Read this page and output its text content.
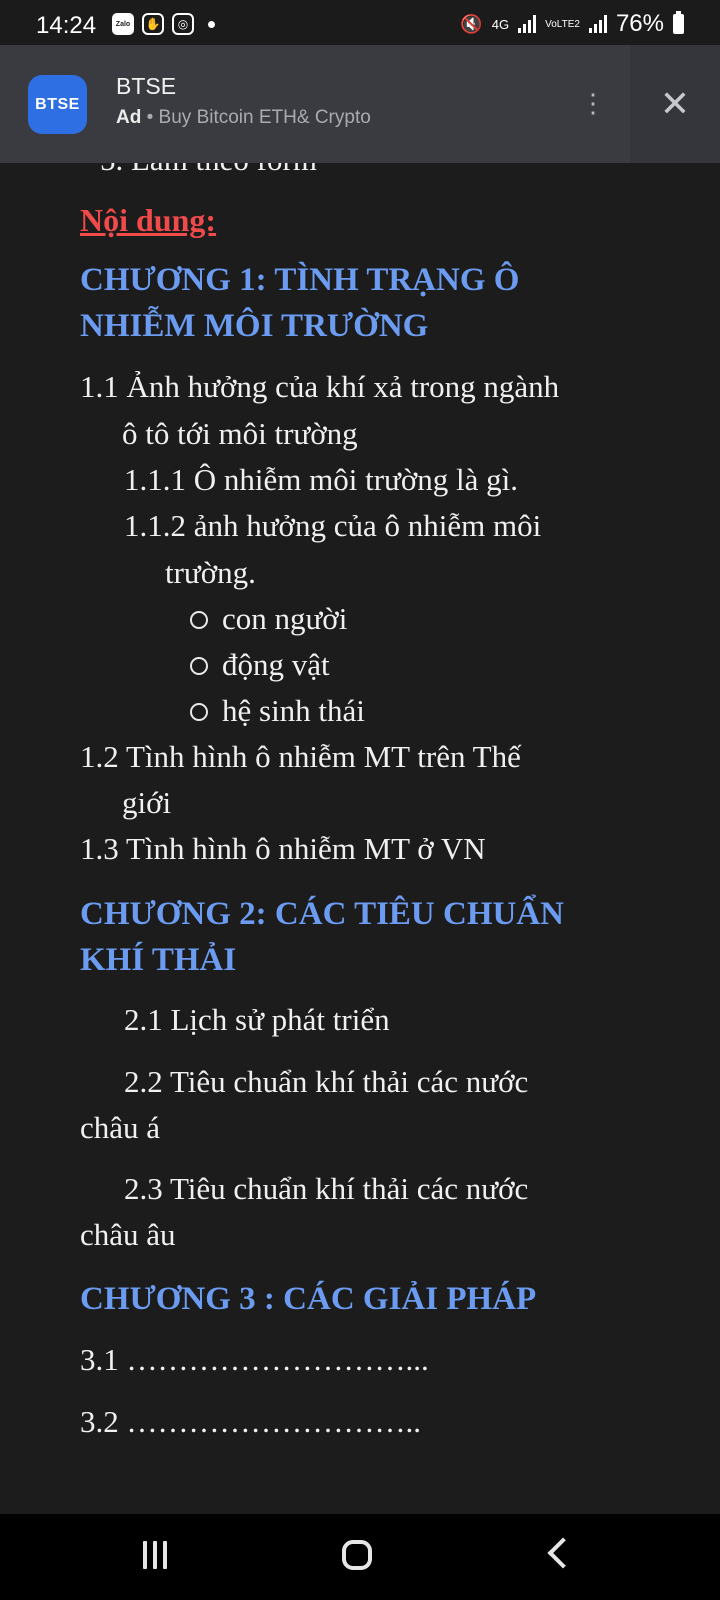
Nội dung:
CHƯƠNG 1: TÌNH TRẠNG Ô
NHIỄM MÔI TRƯỜNG
1.1 Ảnh hưởng của khí xả trong ngành
ô tô tới môi trường
1.1.1 Ô nhiễm môi trường là gì.
1.1.2 ảnh hưởng của ô nhiễm môi
trường.
con người
động vật
hệ sinh thái
1.2 Tình hình ô nhiễm MT trên Thế
giới
1.3 Tình hình ô nhiễm MT ở VN
CHƯƠNG 2: CÁC TIÊU CHUẨN
KHÍ THẢI
2.1 Lịch sử phát triển
2.2 Tiêu chuẩn khí thải các nước
châu á
2.3 Tiêu chuẩn khí thải các nước
châu âu
CHƯƠNG 3 : CÁC GIẢI PHÁP
3.1 ………………………...
3.2 ………………………..
14:24	Zalo	✋	◎	🔇 4G	VoLTE2 76%
BTSE
BTSE
Ad • Buy Bitcoin ETH& Crypto	⋮	✕
